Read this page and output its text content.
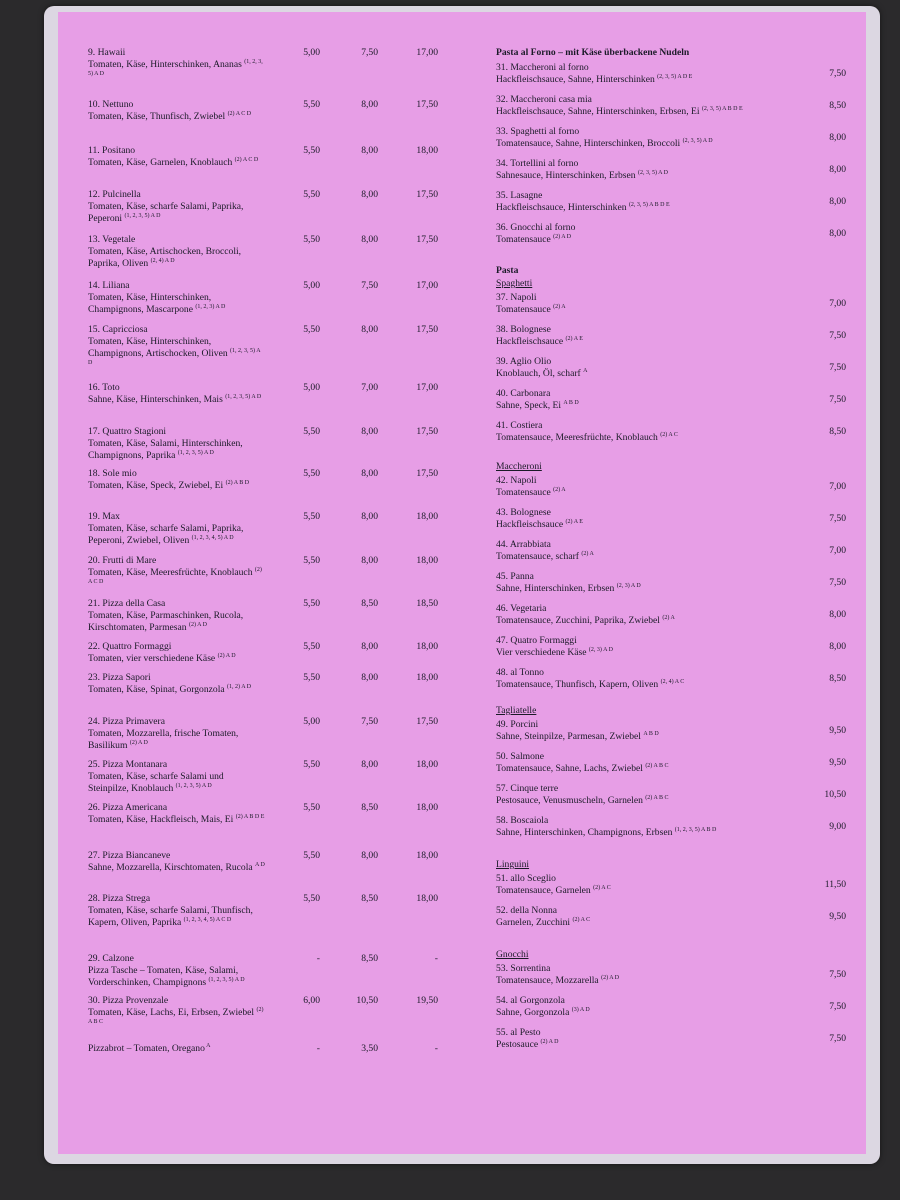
9. Hawaii
Tomaten, Käse, Hinterschinken, Ananas $^{(1, 2, 3, 5) A D}$
5,00	7,50	17,00
10. Nettuno
Tomaten, Käse, Thunfisch, Zwiebel $^{(2) A C D}$
5,50	8,00	17,50
11. Positano
Tomaten, Käse, Garnelen, Knoblauch $^{(2) A C D}$
5,50	8,00	18,00
12. Pulcinella
Tomaten, Käse, scharfe Salami, Paprika, Peperoni $^{(1, 2, 3, 5) A D}$
5,50	8,00	17,50
13. Vegetale
Tomaten, Käse, Artischocken, Broccoli, Paprika, Oliven $^{(2, 4) A D}$
5,50	8,00	17,50
14. Liliana
Tomaten, Käse, Hinterschinken, Champignons, Mascarpone $^{(1, 2, 3) A D}$
5,00	7,50	17,00
15. Capricciosa
Tomaten, Käse, Hinterschinken, Champignons, Artischocken, Oliven $^{(1, 2, 3, 5) A D}$
5,50	8,00	17,50
16. Toto
Sahne, Käse, Hinterschinken, Mais $^{(1, 2, 3, 5) A D}$
5,00	7,00	17,00
17. Quattro Stagioni
Tomaten, Käse, Salami, Hinterschinken, Champignons, Paprika $^{(1, 2, 3, 5) A D}$
5,50	8,00	17,50
18. Sole mio
Tomaten, Käse, Speck, Zwiebel, Ei $^{(2) A B D}$
5,50	8,00	17,50
19. Max
Tomaten, Käse, scharfe Salami, Paprika, Peperoni, Zwiebel, Oliven $^{(1, 2, 3, 4, 5) A D}$
5,50	8,00	18,00
20. Frutti di Mare
Tomaten, Käse, Meeresfrüchte, Knoblauch $^{(2) A C D}$
5,50	8,00	18,00
21. Pizza della Casa
Tomaten, Käse, Parmaschinken, Rucola, Kirschtomaten, Parmesan $^{(2) A D}$
5,50	8,50	18,50
22. Quattro Formaggi
Tomaten, vier verschiedene Käse $^{(2) A D}$
5,50	8,00	18,00
23. Pizza Sapori
Tomaten, Käse, Spinat, Gorgonzola $^{(1, 2) A D}$
5,50	8,00	18,00
24. Pizza Primavera
Tomaten, Mozzarella, frische Tomaten, Basilikum $^{(2) A D}$
5,00	7,50	17,50
25. Pizza Montanara
Tomaten, Käse, scharfe Salami und Steinpilze, Knoblauch $^{(1, 2, 3, 5) A D}$
5,50	8,00	18,00
26. Pizza Americana
Tomaten, Käse, Hackfleisch, Mais, Ei $^{(2) A B D E}$
5,50	8,50	18,00
27. Pizza Biancaneve
Sahne, Mozzarella, Kirschtomaten, Rucola $^{A D}$
5,50	8,00	18,00
28. Pizza Strega
Tomaten, Käse, scharfe Salami, Thunfisch, Kapern, Oliven, Paprika $^{(1, 2, 3, 4, 5) A C D}$
5,50	8,50	18,00
29. Calzone
Pizza Tasche – Tomaten, Käse, Salami, Vorderschinken, Champignons $^{(1, 2, 3, 5) A D}$
-	8,50	-
30. Pizza Provenzale
Tomaten, Käse, Lachs, Ei, Erbsen, Zwiebel $^{(2) A B C}$
6,00	10,50	19,50
Pizzabrot – Tomaten, Oregano $^A$	-	3,50	-
Pasta al Forno – mit Käse überbackene Nudeln
31. Maccheroni al forno
Hackfleischsauce, Sahne, Hinterschinken $^{(2, 3, 5) A D E}$	7,50
32. Maccheroni casa mia
Hackfleischsauce, Sahne, Hinterschinken, Erbsen, Ei $^{(2, 3, 5) A B D E}$	8,50
33. Spaghetti al forno
Tomatensauce, Sahne, Hinterschinken, Broccoli $^{(2, 3, 5) A D}$	8,00
34. Tortellini al forno
Sahnesauce, Hinterschinken, Erbsen $^{(2, 3, 5) A D}$	8,00
35. Lasagne
Hackfleischsauce, Hinterschinken $^{(2, 3, 5) A B D E}$	8,00
36. Gnocchi al forno
Tomatensauce $^{(2) A D}$	8,00
Pasta
Spaghetti
37. Napoli
Tomatensauce $^{(2) A}$	7,00
38. Bolognese
Hackfleischsauce $^{(2) A E}$	7,50
39. Aglio Olio
Knoblauch, Öl, scharf $^A$	7,50
40. Carbonara
Sahne, Speck, Ei $^{A B D}$	7,50
41. Costiera
Tomatensauce, Meeresfrüchte, Knoblauch $^{(2) A C}$	8,50
Maccheroni
42. Napoli
Tomatensauce $^{(2) A}$	7,00
43. Bolognese
Hackfleischsauce $^{(2) A E}$	7,50
44. Arrabbiata
Tomatensauce, scharf $^{(2) A}$	7,00
45. Panna
Sahne, Hinterschinken, Erbsen $^{(2, 3) A D}$	7,50
46. Vegetaria
Tomatensauce, Zucchini, Paprika, Zwiebel $^{(2) A}$	8,00
47. Quatro Formaggi
Vier verschiedene Käse $^{(2, 3) A D}$	8,00
48. al Tonno
Tomatensauce, Thunfisch, Kapern, Oliven $^{(2, 4) A C}$	8,50
Tagliatelle
49. Porcini
Sahne, Steinpilze, Parmesan, Zwiebel $^{A B D}$	9,50
50. Salmone
Tomatensauce, Sahne, Lachs, Zwiebel $^{(2) A B C}$	9,50
57. Cinque terre
Pestosauce, Venusmuscheln, Garnelen $^{(2) A B C}$	10,50
58. Boscaiola
Sahne, Hinterschinken, Champignons, Erbsen $^{(1, 2, 3, 5) A B D}$	9,00
Linguini
51. allo Sceglio
Tomatensauce, Garnelen $^{(2) A C}$	11,50
52. della Nonna
Garnelen, Zucchini $^{(2) A C}$	9,50
Gnocchi
53. Sorrentina
Tomatensauce, Mozzarella $^{(2) A D}$	7,50
54. al Gorgonzola
Sahne, Gorgonzola $^{(3) A D}$	7,50
55. al Pesto
Pestosauce $^{(2) A D}$	7,50
